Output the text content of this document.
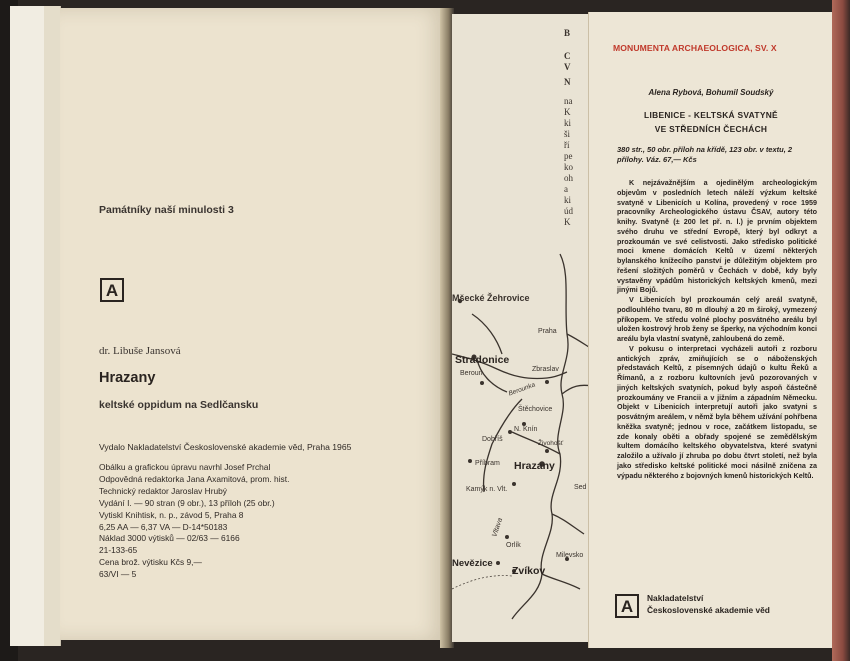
Památníky naší minulosti 3
A
dr. Libuše Jansová
Hrazany
keltské oppidum na Sedlčansku
Vydalo Nakladatelství Československé akademie věd, Praha 1965
Obálku a grafickou úpravu navrhl Josef Prchal
Odpovědná redaktorka Jana Axamitová, prom. hist.
Technický redaktor Jaroslav Hrubý
Vydání I. — 90 stran (9 obr.), 13 příloh (25 obr.)
Vytiskl Knihtisk, n. p., závod 5, Praha 8
6,25 AA — 6,37 VA — D-14*50183
Náklad 3000 výtisků — 02/63 — 6166
21-133-65
Cena brož. výtisku Kčs 9,—
63/VI — 5
B
C
V
N
na
K
ki
ši
ří
pe
ko
oh
a
ki
úd
K
Mšecké Žehrovice
Praha
Stradonice
Beroun
Berounka
Zbraslav
Štěchovice
N. Knín
Dobříš
Živohošť
Příbram Hrazany
Sed
Kamýk n. Vlt.
Vltava
Orlík
Milevsko
Nevězice
Zvíkov
MONUMENTA ARCHAEOLOGICA, SV. X
Alena Rybová, Bohumil Soudský
LIBENICE - KELTSKÁ SVATYNĚ
VE STŘEDNÍCH ČECHÁCH
380 str., 50 obr. příloh na křídě, 123 obr. v textu, 2 přílohy. Váz. 67,— Kčs

K nejzávažnějším a ojedinělým archeologickým objevům v posledních letech náleží výzkum keltské svatyně v Libenicích u Kolína, provedený v roce 1959 pracovníky Archeologického ústavu ČSAV, autory této knihy. Svatyně (± 200 let př. n. l.) je prvním objektem svého druhu ve střední Evropě, který byl odkryt a prozkoumán ve své celistvosti. Jako středisko politické moci kmene domácích Keltů v území některých bylanského knížecího panství je důležitým objektem pro řešení složitých poměrů v Čechách v době, kdy byly vystavěny vpádům historických keltských kmenů, mezi jinými Bojů.

V Libenicích byl prozkoumán celý areál svatyně, podlouhlého tvaru, 80 m dlouhý a 20 m široký, vymezený příkopem. Ve středu volné plochy posvátného areálu byl uložen kostrový hrob ženy se šperky, na východním konci areálu byla vlastní svatyně, zahloubená do země.

V pokusu o interpretaci vycházeli autoři z rozboru antických zpráv, zmiňujících se o náboženských představách Keltů, z písemných údajů o kultu Řeků a Římanů, a z rozboru kultovních jevů pozorovaných v jiných keltských svatyních, pokud byly aspoň částečně prozkoumány ve Francii a v jižním a západním Německu. Objekt v Libenicích interpretují autoři jako svatyni s posvátným areálem, v němž byla během užívání pohřbena kněžka svatyně; jednou v roce, začátkem listopadu, se zde konaly oběti a obřady spojené se zemědělským kultem domácího keltského obyvatelstva, které svatyni založilo a užívalo jí zhruba po dobu čtvrt století, než byla jako středisko keltské politické moci násilně zničena za výpadu některého z bojovných kmenů historických Keltů.

A Nakladatelství
Československé akademie věd
